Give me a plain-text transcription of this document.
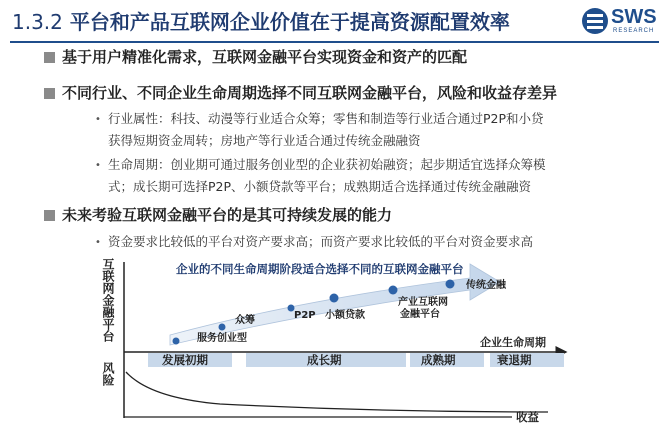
1.3.2 平台和产品互联网企业价值在于提高资源配置效率	SWS
RESEARCH
基于用户精准化需求，互联网金融平台实现资金和资产的匹配
不同行业、不同企业生命周期选择不同互联网金融平台，风险和收益存差异
• 行业属性：科技、动漫等行业适合众筹；零售和制造等行业适合通过P2P和小贷
获得短期资金周转；房地产等行业适合通过传统金融融资
• 生命周期：创业期可通过服务创业型的企业获初始融资；起步期适宜选择众筹模
式；成长期可选择P2P、小额贷款等平台；成熟期适合选择通过传统金融融资
未来考验互联网金融平台的是其可持续发展的能力
• 资金要求比较低的平台对资产要求高；而资产要求比较低的平台对资金要求高
互联网金融平台
风险
企业生命周期
企业的不同生命周期阶段适合选择不同的互联网金融平台
服务创业型
众筹	P2P 小额贷款
产业互联网
金融平台
传统金融
发展初期	成长期	成熟期	衰退期
收益
